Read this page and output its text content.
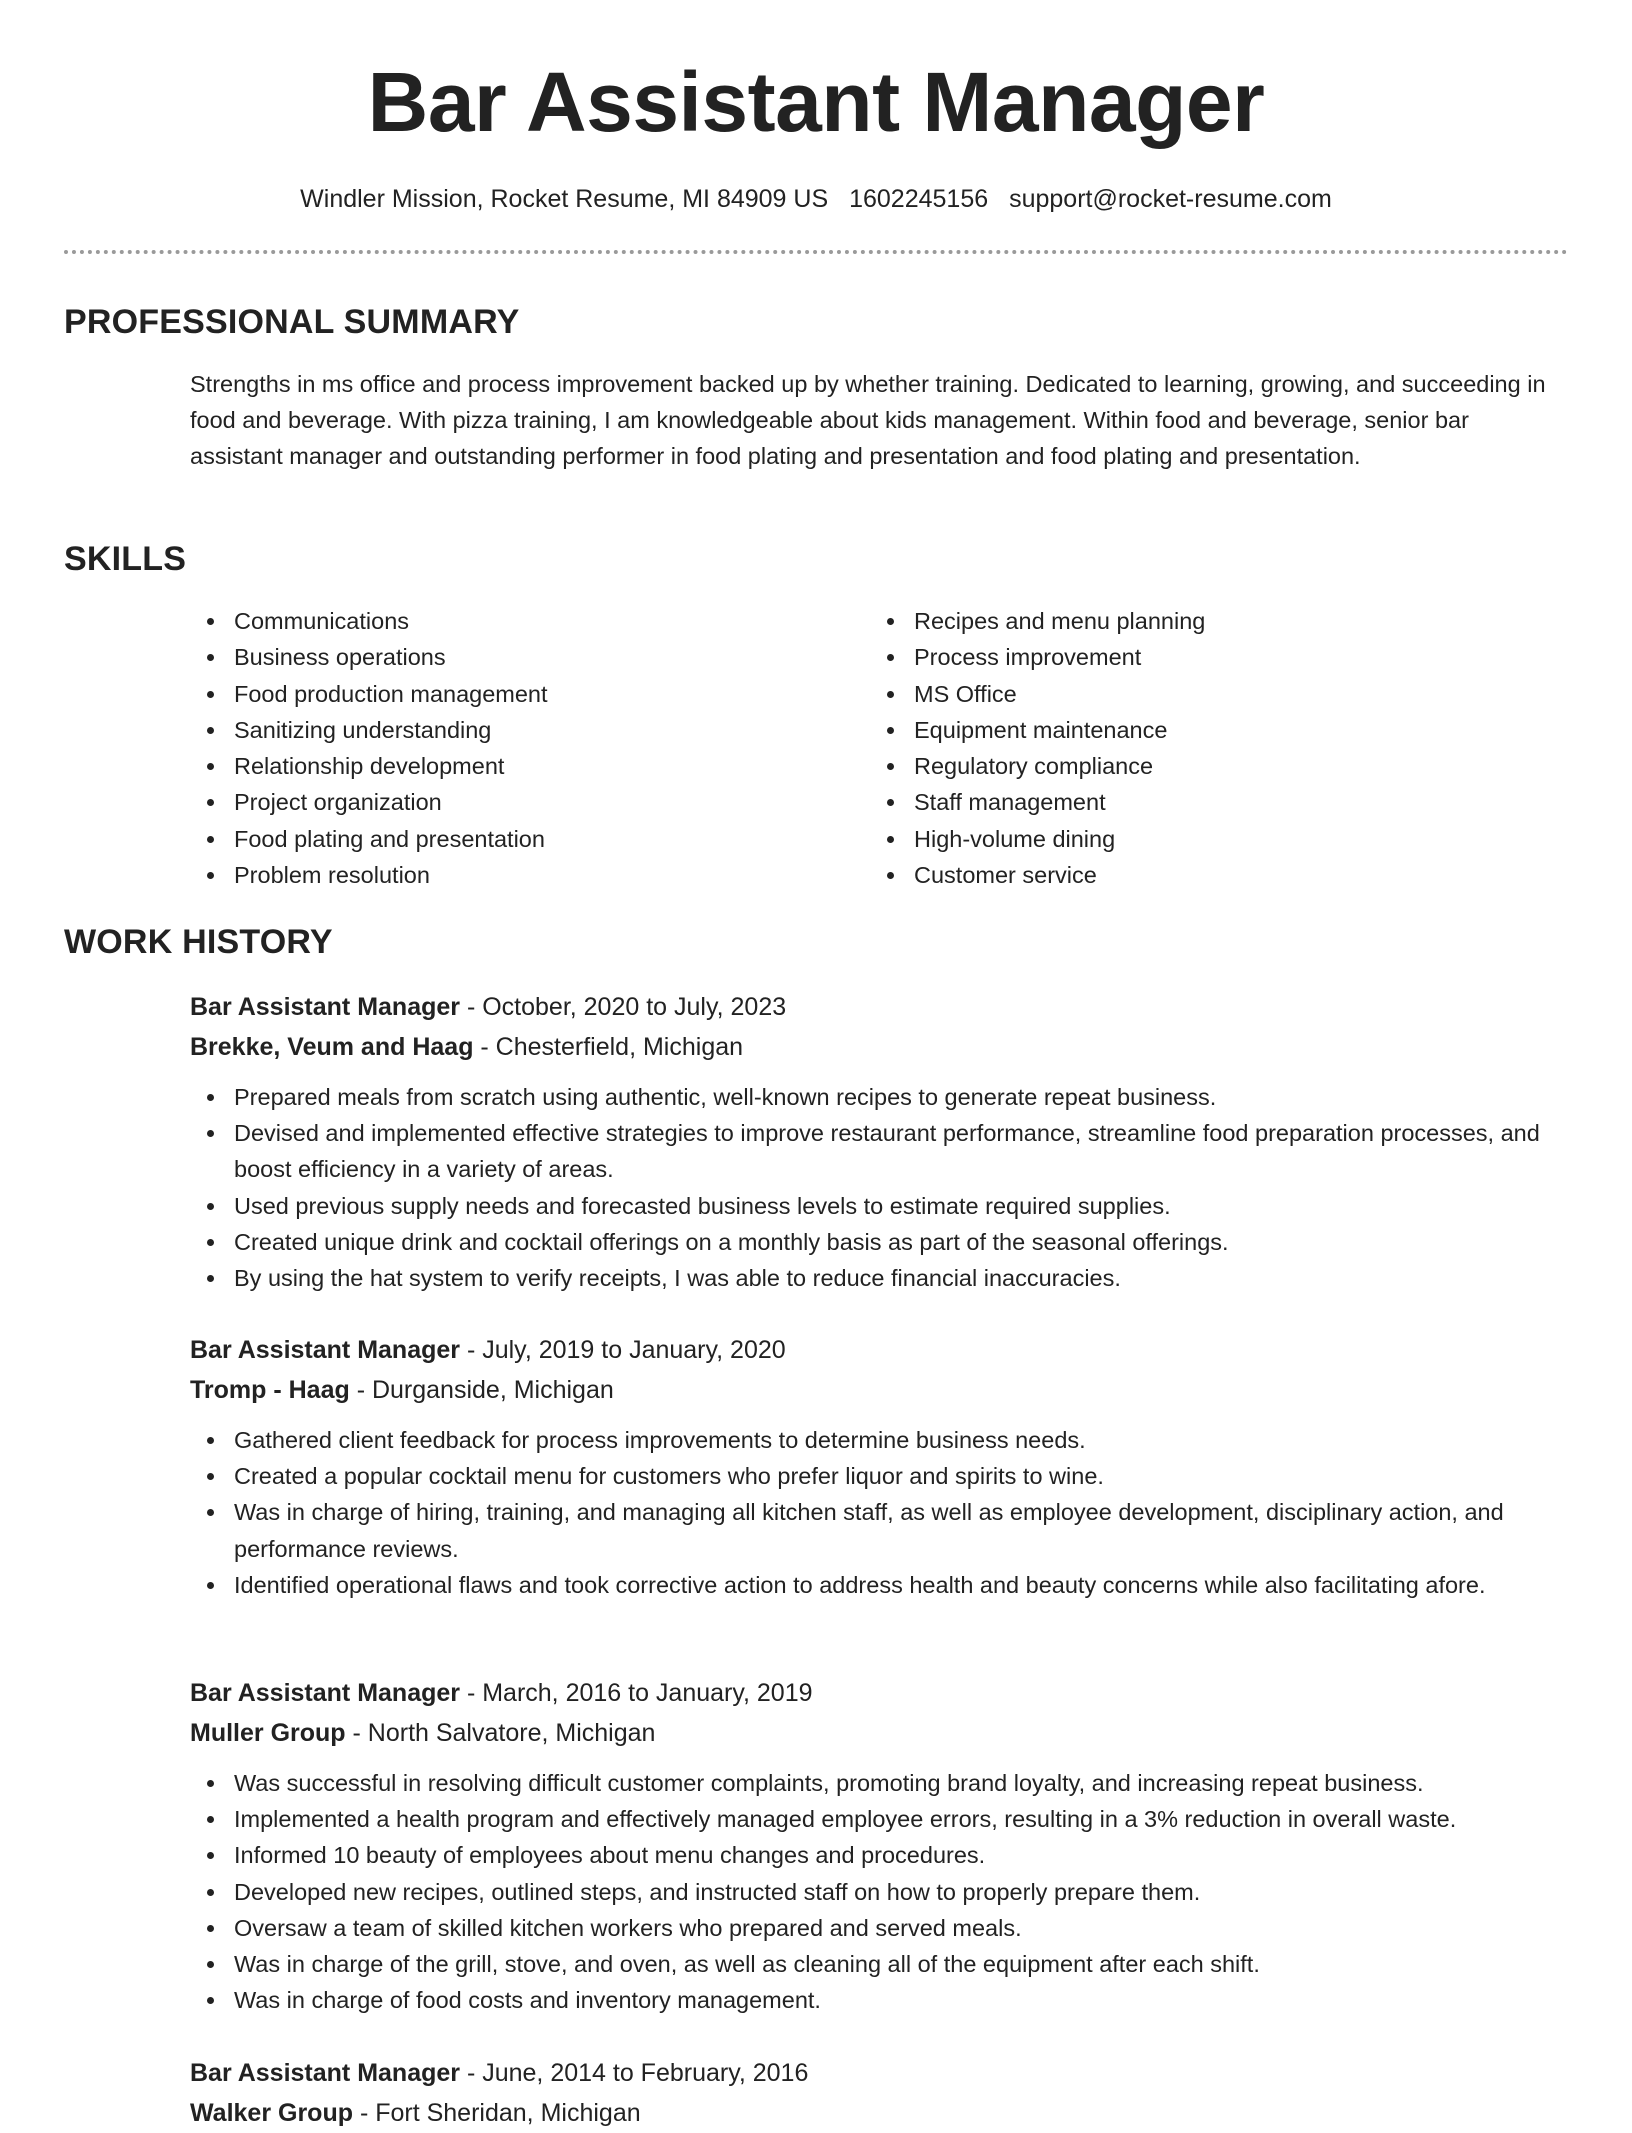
Bar Assistant Manager
Windler Mission, Rocket Resume, MI 84909 US 1602245156 support@rocket-resume.com
PROFESSIONAL SUMMARY

Strengths in ms office and process improvement backed up by whether training. Dedicated to learning, growing, and succeeding in food and beverage. With pizza training, I am knowledgeable about kids management. Within food and beverage, senior bar assistant manager and outstanding performer in food plating and presentation and food plating and presentation.

SKILLS
Communications
Business operations
Food production management
Sanitizing understanding
Relationship development
Project organization
Food plating and presentation
Problem resolution
Recipes and menu planning
Process improvement
MS Office
Equipment maintenance
Regulatory compliance
Staff management
High-volume dining
Customer service
WORK HISTORY
Bar Assistant Manager - October, 2020 to July, 2023
Brekke, Veum and Haag - Chesterfield, Michigan
Prepared meals from scratch using authentic, well-known recipes to generate repeat business.
Devised and implemented effective strategies to improve restaurant performance, streamline food preparation processes, and boost efficiency in a variety of areas.
Used previous supply needs and forecasted business levels to estimate required supplies.
Created unique drink and cocktail offerings on a monthly basis as part of the seasonal offerings.
By using the hat system to verify receipts, I was able to reduce financial inaccuracies.
Bar Assistant Manager - July, 2019 to January, 2020
Tromp - Haag - Durganside, Michigan
Gathered client feedback for process improvements to determine business needs.
Created a popular cocktail menu for customers who prefer liquor and spirits to wine.
Was in charge of hiring, training, and managing all kitchen staff, as well as employee development, disciplinary action, and performance reviews.
Identified operational flaws and took corrective action to address health and beauty concerns while also facilitating afore.
Bar Assistant Manager - March, 2016 to January, 2019
Muller Group - North Salvatore, Michigan
Was successful in resolving difficult customer complaints, promoting brand loyalty, and increasing repeat business.
Implemented a health program and effectively managed employee errors, resulting in a 3% reduction in overall waste.
Informed 10 beauty of employees about menu changes and procedures.
Developed new recipes, outlined steps, and instructed staff on how to properly prepare them.
Oversaw a team of skilled kitchen workers who prepared and served meals.
Was in charge of the grill, stove, and oven, as well as cleaning all of the equipment after each shift.
Was in charge of food costs and inventory management.
Bar Assistant Manager - June, 2014 to February, 2016
Walker Group - Fort Sheridan, Michigan
